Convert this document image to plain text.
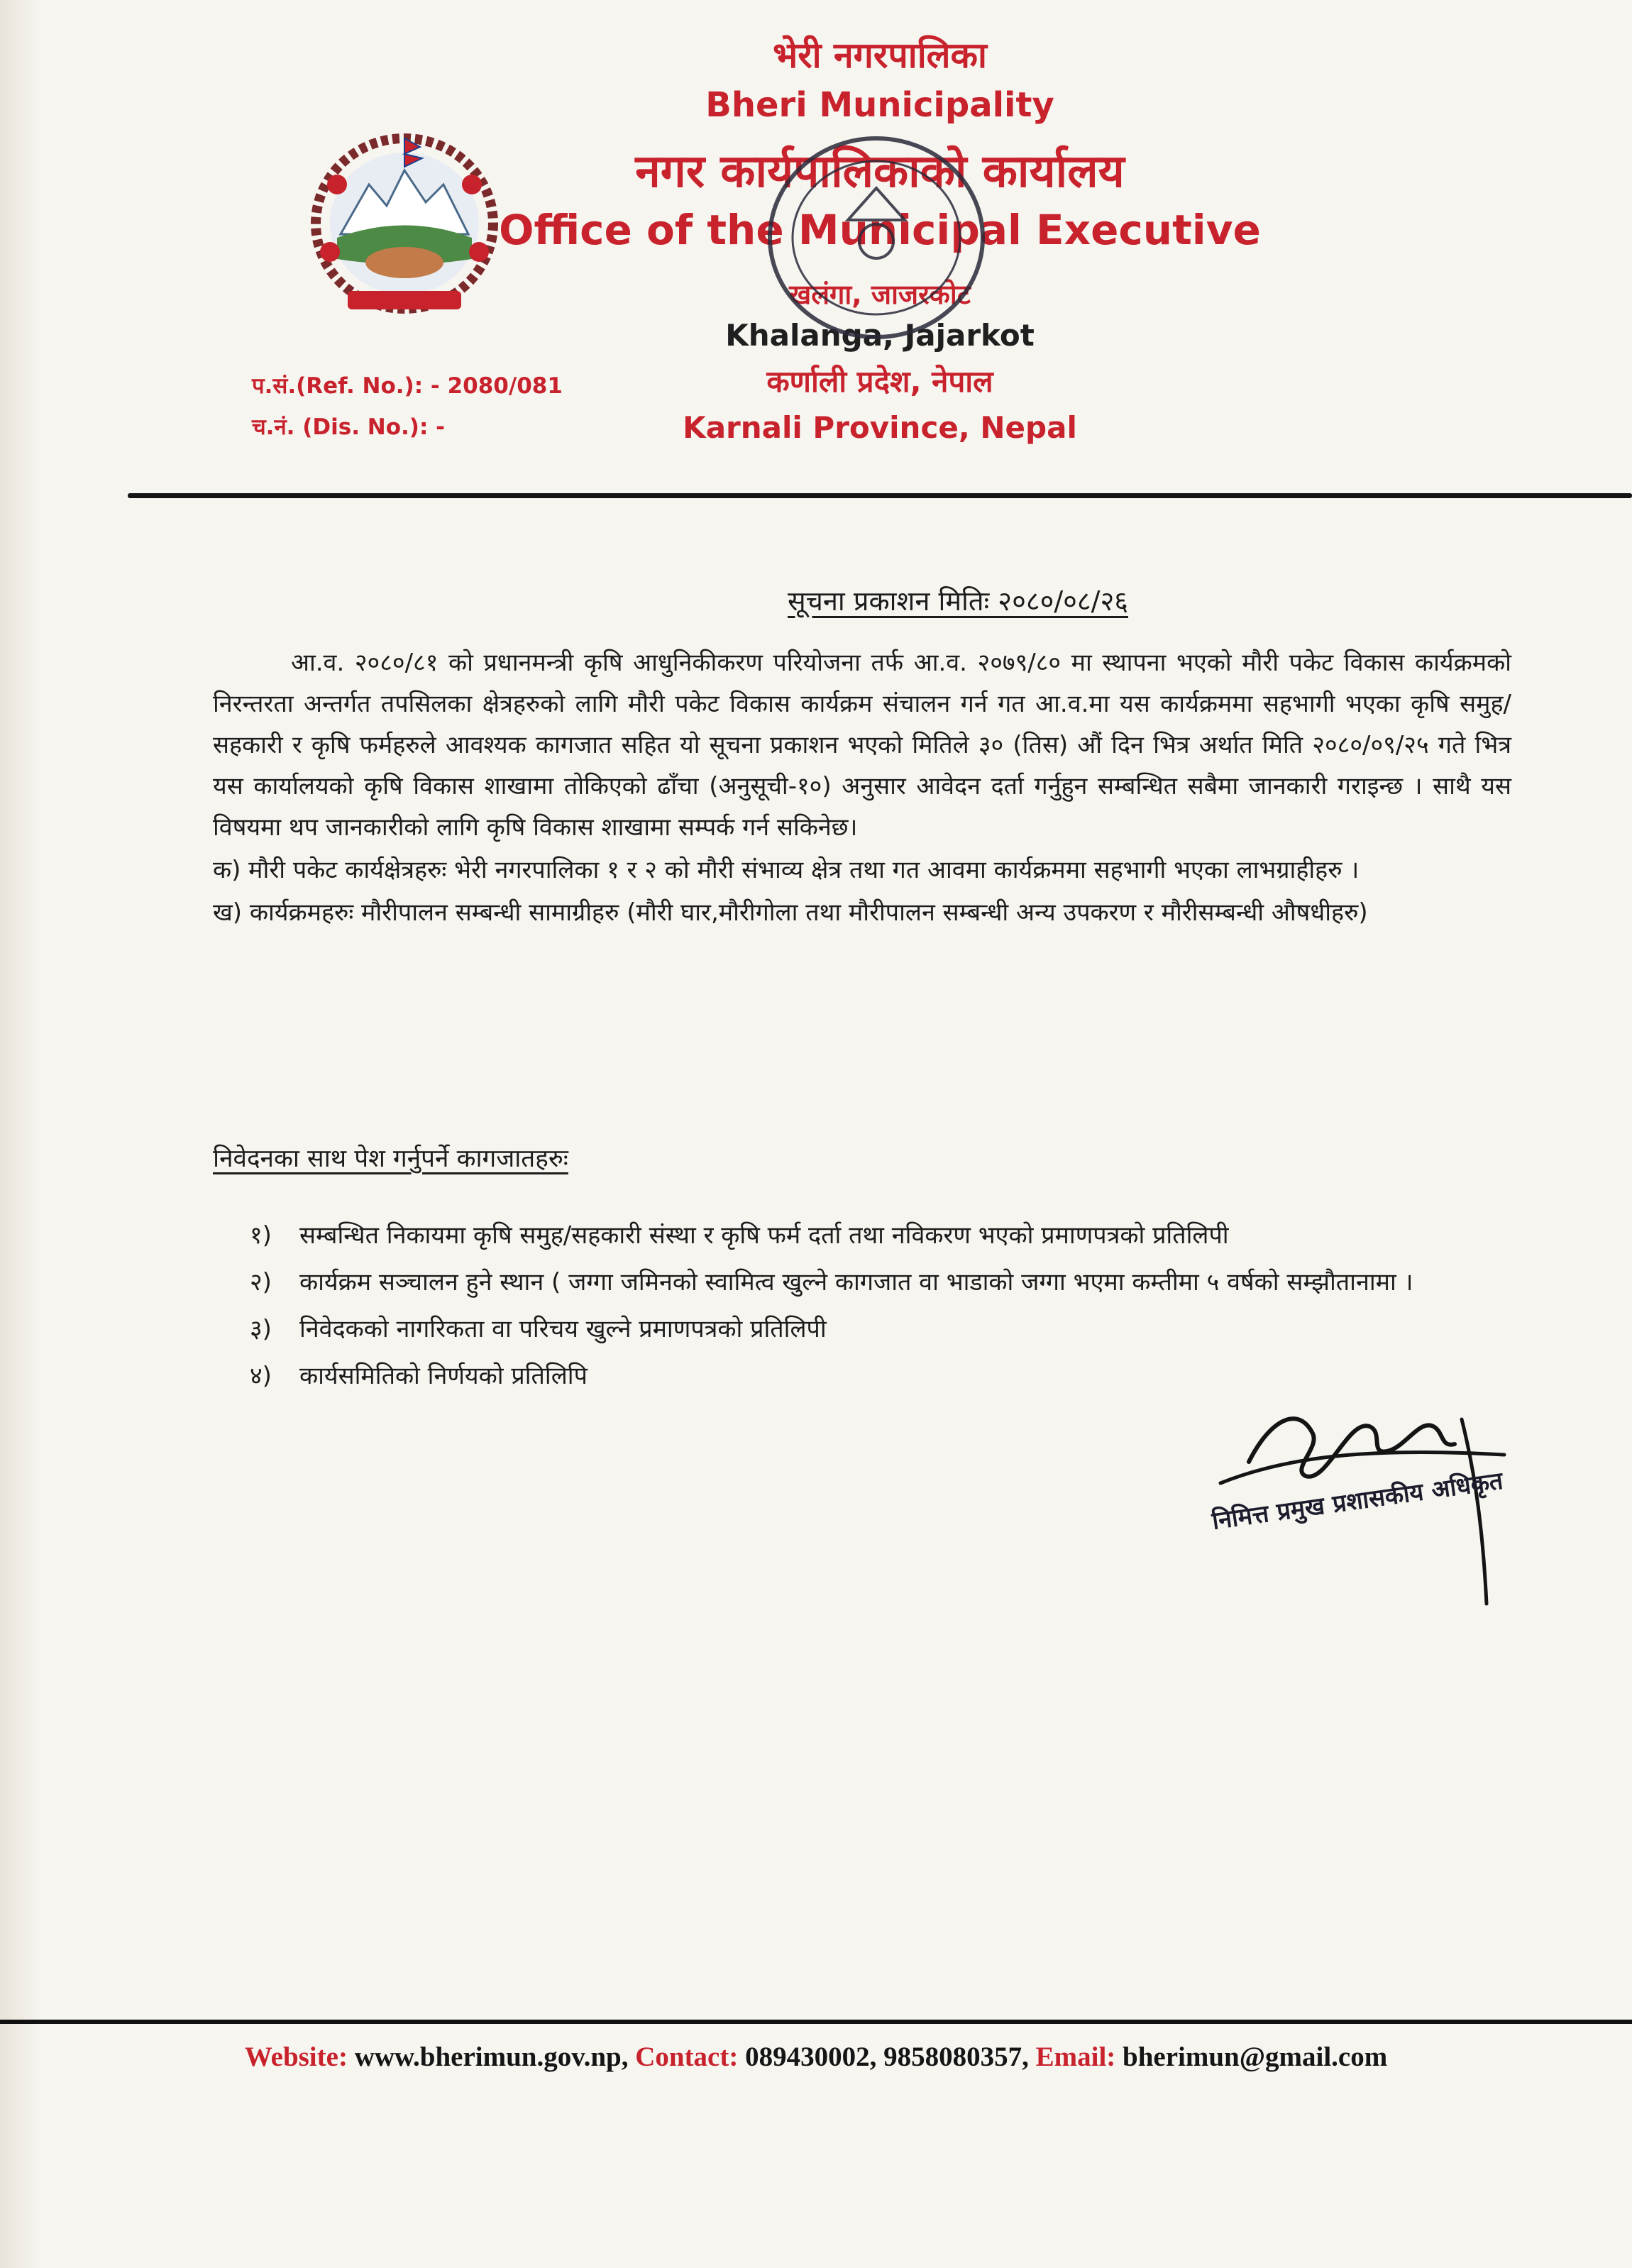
भेरी नगरपालिका
Bheri Municipality
नगर कार्यपालिकाको कार्यालय
Office of the Municipal Executive
खलंगा, जाजरकोट
Khalanga, Jajarkot
कर्णाली प्रदेश, नेपाल
Karnali Province, Nepal
प.सं.(Ref. No.): - 2080/081
च.नं. (Dis. No.): -
सूचना प्रकाशन मितिः २०८०/०८/२६

आ.व. २०८०/८१ को प्रधानमन्त्री कृषि आधुनिकीकरण परियोजना तर्फ आ.व. २०७९/८० मा स्थापना भएको मौरी पकेट विकास कार्यक्रमको निरन्तरता अन्तर्गत तपसिलका क्षेत्रहरुको लागि मौरी पकेट विकास कार्यक्रम संचालन गर्न गत आ.व.मा यस कार्यक्रममा सहभागी भएका कृषि समुह/सहकारी र कृषि फर्महरुले आवश्यक कागजात सहित यो सूचना प्रकाशन भएको मितिले ३० (तिस) औं दिन भित्र अर्थात मिति २०८०/०९/२५ गते भित्र यस कार्यालयको कृषि विकास शाखामा तोकिएको ढाँचा (अनुसूची-१०) अनुसार आवेदन दर्ता गर्नुहुन सम्बन्धित सबैमा जानकारी गराइन्छ । साथै यस विषयमा थप जानकारीको लागि कृषि विकास शाखामा सम्पर्क गर्न सकिनेछ।

क) मौरी पकेट कार्यक्षेत्रहरुः भेरी नगरपालिका १ र २ को मौरी संभाव्य क्षेत्र तथा गत आवमा कार्यक्रममा सहभागी भएका लाभग्राहीहरु ।

ख) कार्यक्रमहरुः मौरीपालन सम्बन्धी सामाग्रीहरु (मौरी घार,मौरीगोला तथा मौरीपालन सम्बन्धी अन्य उपकरण र मौरीसम्बन्धी औषधीहरु)

निवेदनका साथ पेश गर्नुपर्ने कागजातहरुः
१)	सम्बन्धित निकायमा कृषि समुह/सहकारी संस्था र कृषि फर्म दर्ता तथा नविकरण भएको प्रमाणपत्रको प्रतिलिपी
२)	कार्यक्रम सञ्चालन हुने स्थान ( जग्गा जमिनको स्वामित्व खुल्ने कागजात वा भाडाको जग्गा भएमा कम्तीमा ५ वर्षको सम्झौतानामा ।
३)	निवेदकको नागरिकता वा परिचय खुल्ने प्रमाणपत्रको प्रतिलिपी
४)	कार्यसमितिको निर्णयको प्रतिलिपि
निमित्त प्रमुख प्रशासकीय अधिकृत
Website: www.bherimun.gov.np, Contact: 089430002, 9858080357, Email: bherimun@gmail.com
